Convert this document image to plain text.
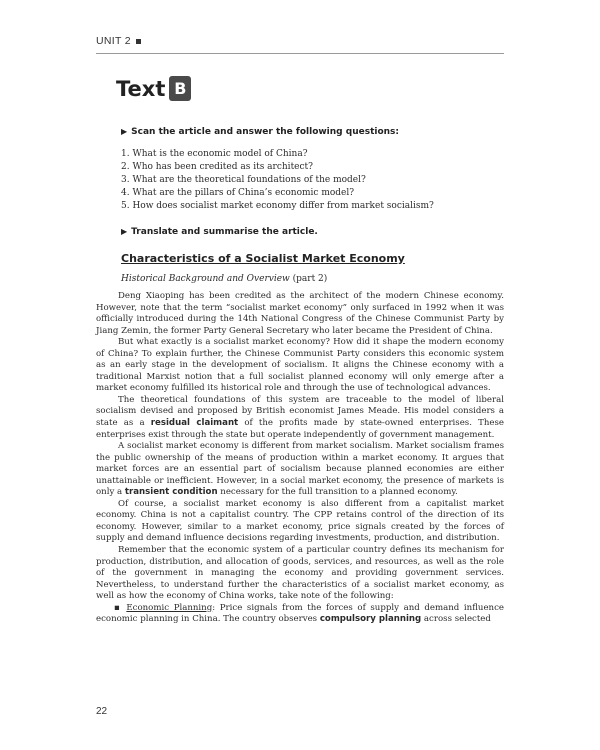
UNIT 2
Text B
▶ Scan the article and answer the following questions:
1. What is the economic model of China?
2. Who has been credited as its architect?
3. What are the theoretical foundations of the model?
4. What are the pillars of China’s economic model?
5. How does socialist market economy differ from market socialism?
▶ Translate and summarise the article.
Characteristics of a Socialist Market Economy
Historical Background and Overview (part 2)

Deng Xiaoping has been credited as the architect of the modern Chinese economy. However, note that the term “socialist market economy” only surfaced in 1992 when it was officially introduced during the 14th National Congress of the Chinese Communist Party by Jiang Zemin, the former Party General Secretary who later became the President of China.

But what exactly is a socialist market economy? How did it shape the modern economy of China? To explain further, the Chinese Communist Party considers this economic system as an early stage in the development of socialism. It aligns the Chinese economy with a traditional Marxist notion that a full socialist planned economy will only emerge after a market economy fulfilled its historical role and through the use of technological advances.

The theoretical foundations of this system are traceable to the model of liberal socialism devised and proposed by British economist James Meade. His model considers a state as a residual claimant of the profits made by state-owned enterprises. These enterprises exist through the state but operate independently of government management.

A socialist market economy is different from market socialism. Market socialism frames the public ownership of the means of production within a market economy. It argues that market forces are an essential part of socialism because planned economies are either unattainable or inefficient. However, in a social market economy, the presence of markets is only a transient condition necessary for the full transition to a planned economy.

Of course, a socialist market economy is also different from a capitalist market economy. China is not a capitalist country. The CPP retains control of the direction of its economy. However, similar to a market economy, price signals created by the forces of supply and demand influence decisions regarding investments, production, and distribution.

Remember that the economic system of a particular country defines its mechanism for production, distribution, and allocation of goods, services, and resources, as well as the role of the government in managing the economy and providing government services. Nevertheless, to understand further the characteristics of a socialist market economy, as well as how the economy of China works, take note of the following:

▪ Economic Planning: Price signals from the forces of supply and demand influence economic planning in China. The country observes compulsory planning across selected

22
